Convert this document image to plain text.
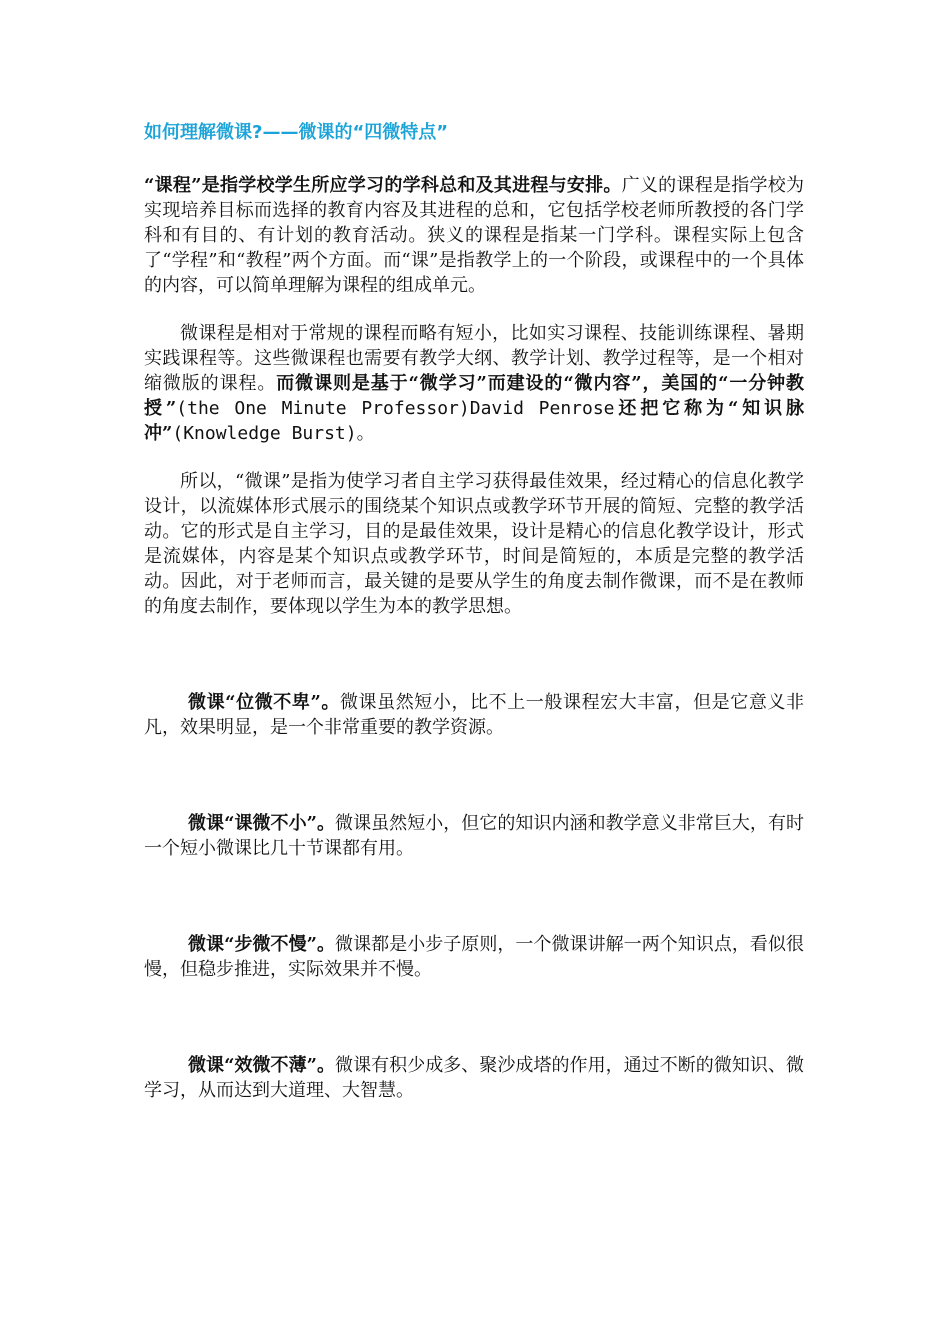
如何理解微课?——微课的“四微特点”

“课程”是指学校学生所应学习的学科总和及其进程与安排。广义的课程是指学校为实现培养目标而选择的教育内容及其进程的总和，它包括学校老师所教授的各门学科和有目的、有计划的教育活动。狭义的课程是指某一门学科。课程实际上包含了“学程”和“教程”两个方面。而“课”是指教学上的一个阶段，或课程中的一个具体的内容，可以简单理解为课程的组成单元。

微课程是相对于常规的课程而略有短小，比如实习课程、技能训练课程、暑期实践课程等。这些微课程也需要有教学大纲、教学计划、教学过程等，是一个相对缩微版的课程。而微课则是基于“微学习”而建设的“微内容”，美国的“一分钟教授”(the One Minute Professor)David Penrose还把它称为“知识脉冲”(Knowledge Burst)。

所以，“微课”是指为使学习者自主学习获得最佳效果，经过精心的信息化教学设计，以流媒体形式展示的围绕某个知识点或教学环节开展的简短、完整的教学活动。它的形式是自主学习，目的是最佳效果，设计是精心的信息化教学设计，形式是流媒体，内容是某个知识点或教学环节，时间是简短的，本质是完整的教学活动。因此，对于老师而言，最关键的是要从学生的角度去制作微课，而不是在教师的角度去制作，要体现以学生为本的教学思想。

微课“位微不卑”。微课虽然短小，比不上一般课程宏大丰富，但是它意义非凡，效果明显，是一个非常重要的教学资源。

微课“课微不小”。微课虽然短小，但它的知识内涵和教学意义非常巨大，有时一个短小微课比几十节课都有用。

微课“步微不慢”。微课都是小步子原则，一个微课讲解一两个知识点，看似很慢，但稳步推进，实际效果并不慢。

微课“效微不薄”。微课有积少成多、聚沙成塔的作用，通过不断的微知识、微学习，从而达到大道理、大智慧。
